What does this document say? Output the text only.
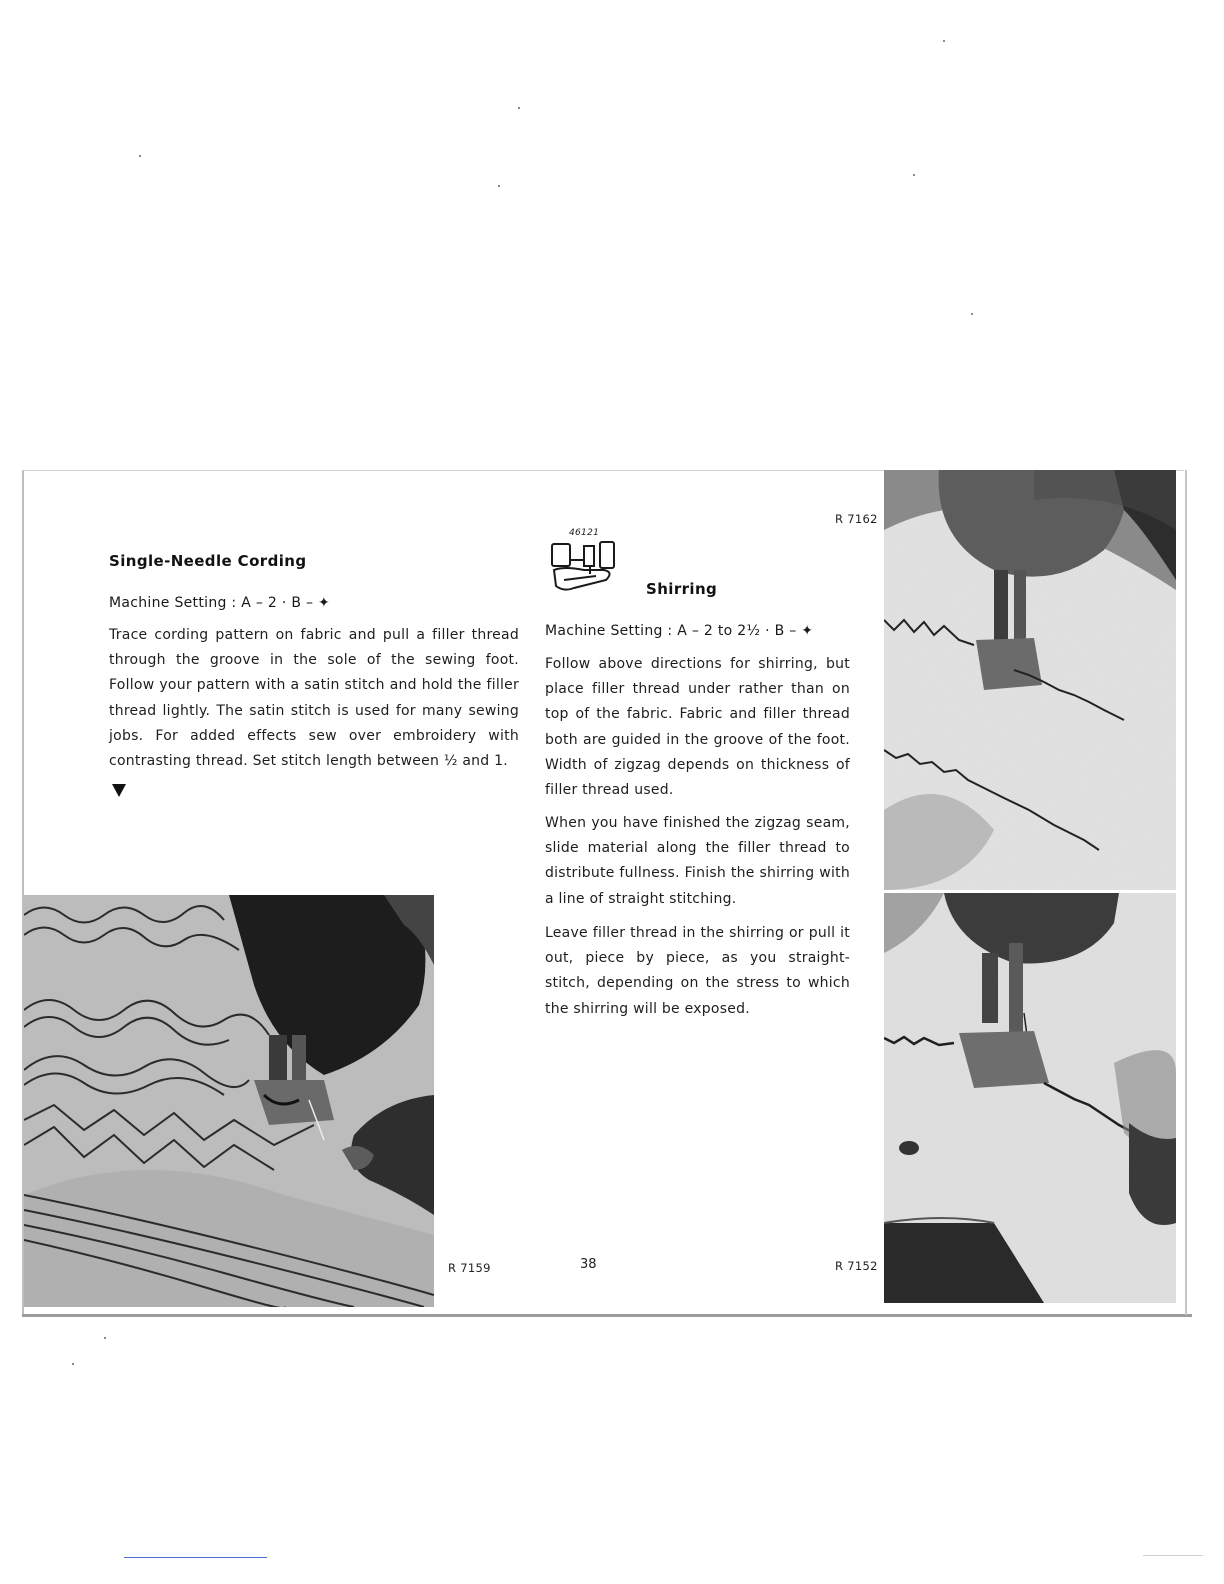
Single-Needle Cording
Machine Setting : A – 2 · B – ✦

Trace cording pattern on fabric and pull a filler thread through the groove in the sole of the sewing foot. Follow your pattern with a satin stitch and hold the filler thread lightly. The satin stitch is used for many sewing jobs. For added effects sew over embroidery with contrasting thread. Set stitch length between ½ and 1.

R 7159
46121
Shirring
Machine Setting : A – 2 to 2½ · B – ✦

Follow above directions for shirring, but place filler thread under rather than on top of the fabric. Fabric and filler thread both are guided in the groove of the foot. Width of zigzag depends on thickness of filler thread used.

When you have finished the zigzag seam, slide material along the filler thread to distribute fullness. Finish the shirring with a line of straight stitching.

Leave filler thread in the shirring or pull it out, piece by piece, as you straight-stitch, depending on the stress to which the shirring will be exposed.

38
R 7162
R 7152
